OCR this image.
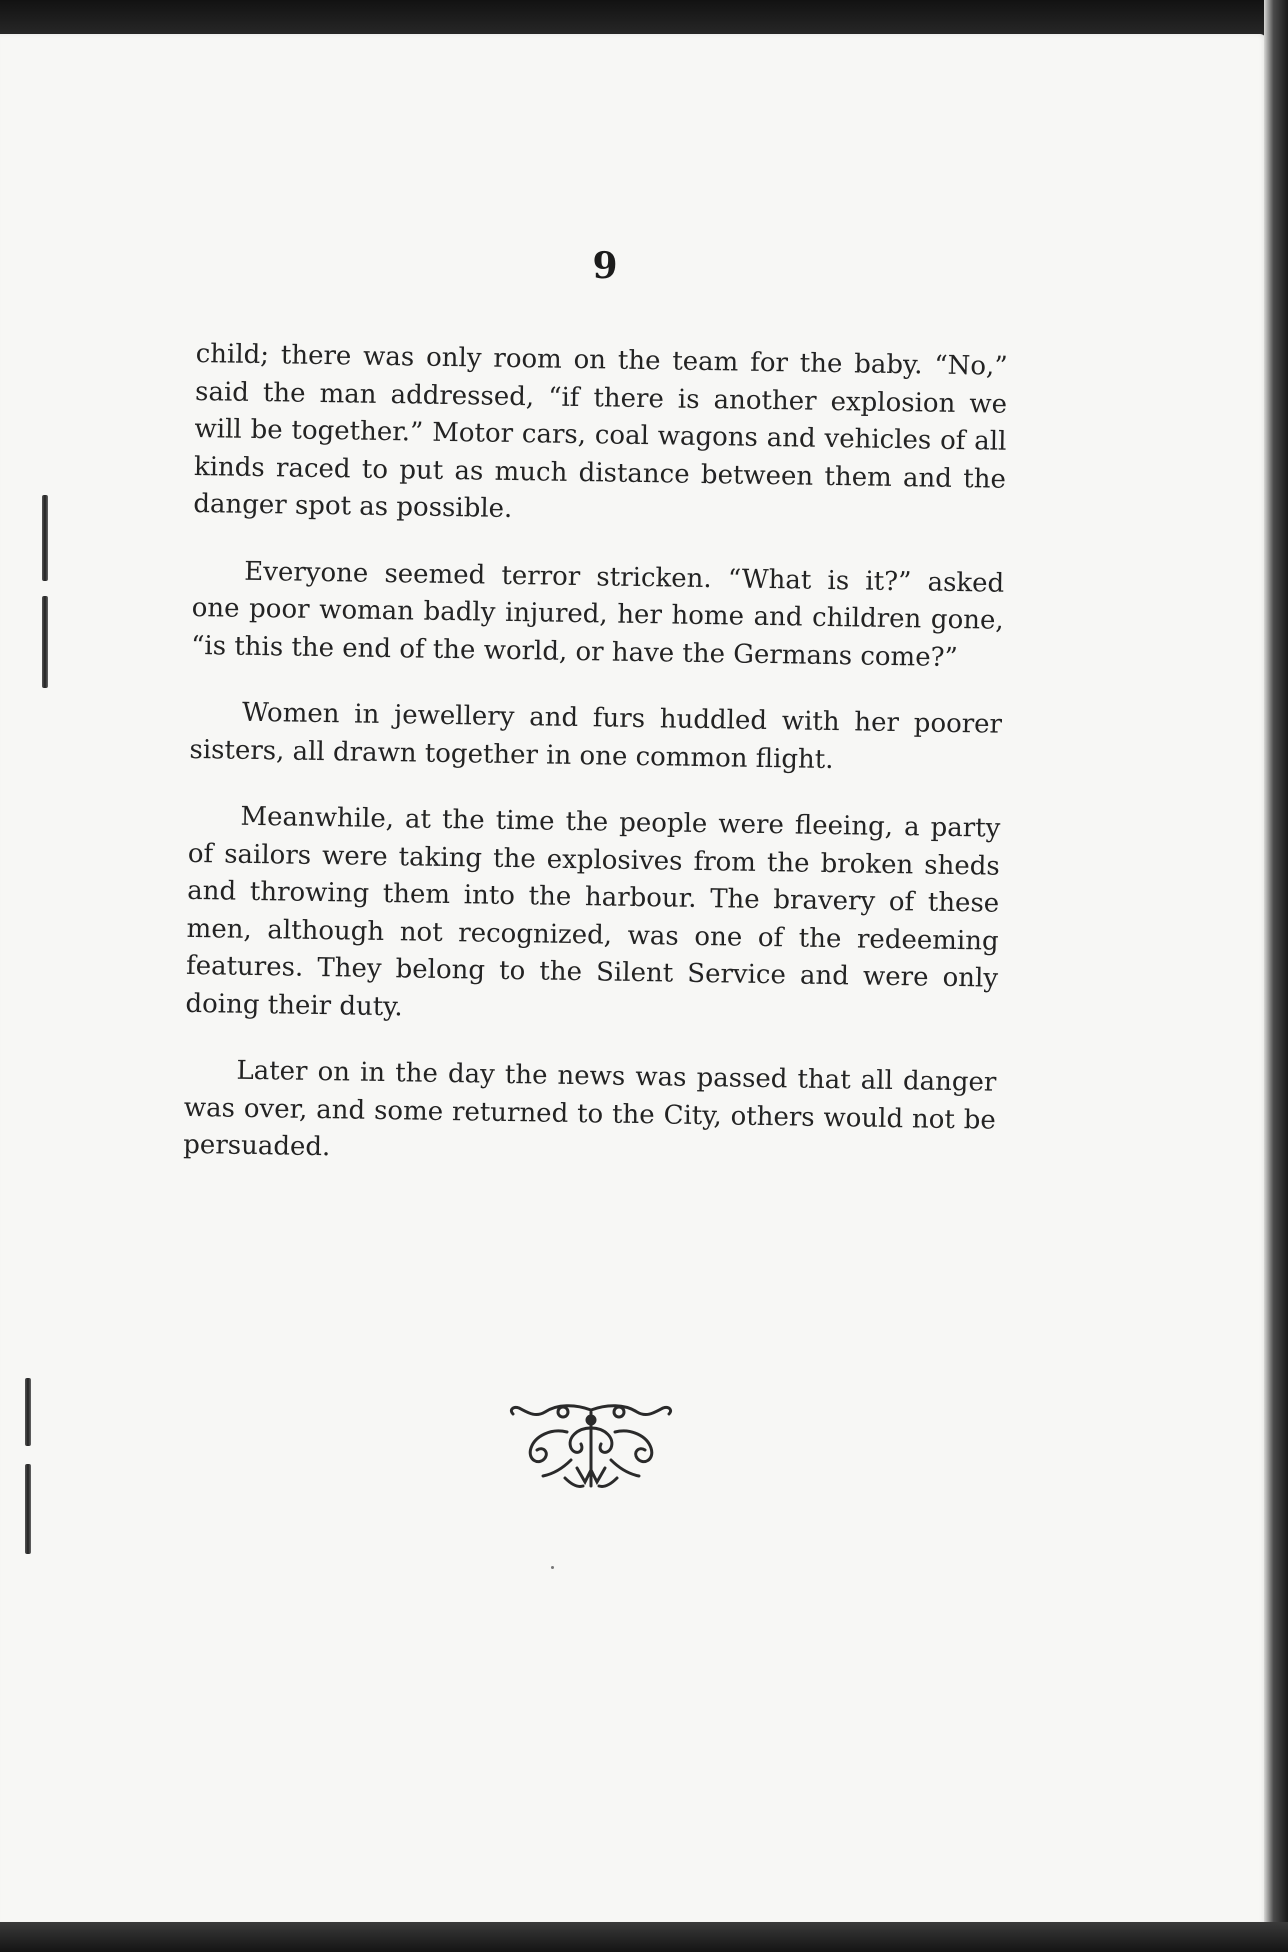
9

child; there was only room on the team for the baby. “No,” said the man addressed, “if there is another explosion we will be together.” Motor cars, coal wagons and vehicles of all kinds raced to put as much distance between them and the danger spot as possible.

Everyone seemed terror stricken. “What is it?” asked one poor woman badly injured, her home and children gone, “is this the end of the world, or have the Germans come?”

Women in jewellery and furs huddled with her poorer sisters, all drawn together in one common flight.

Meanwhile, at the time the people were fleeing, a party of sailors were taking the explosives from the broken sheds and throwing them into the harbour. The bravery of these men, although not recognized, was one of the redeeming features. They belong to the Silent Service and were only doing their duty.

Later on in the day the news was passed that all danger was over, and some returned to the City, others would not be persuaded.
